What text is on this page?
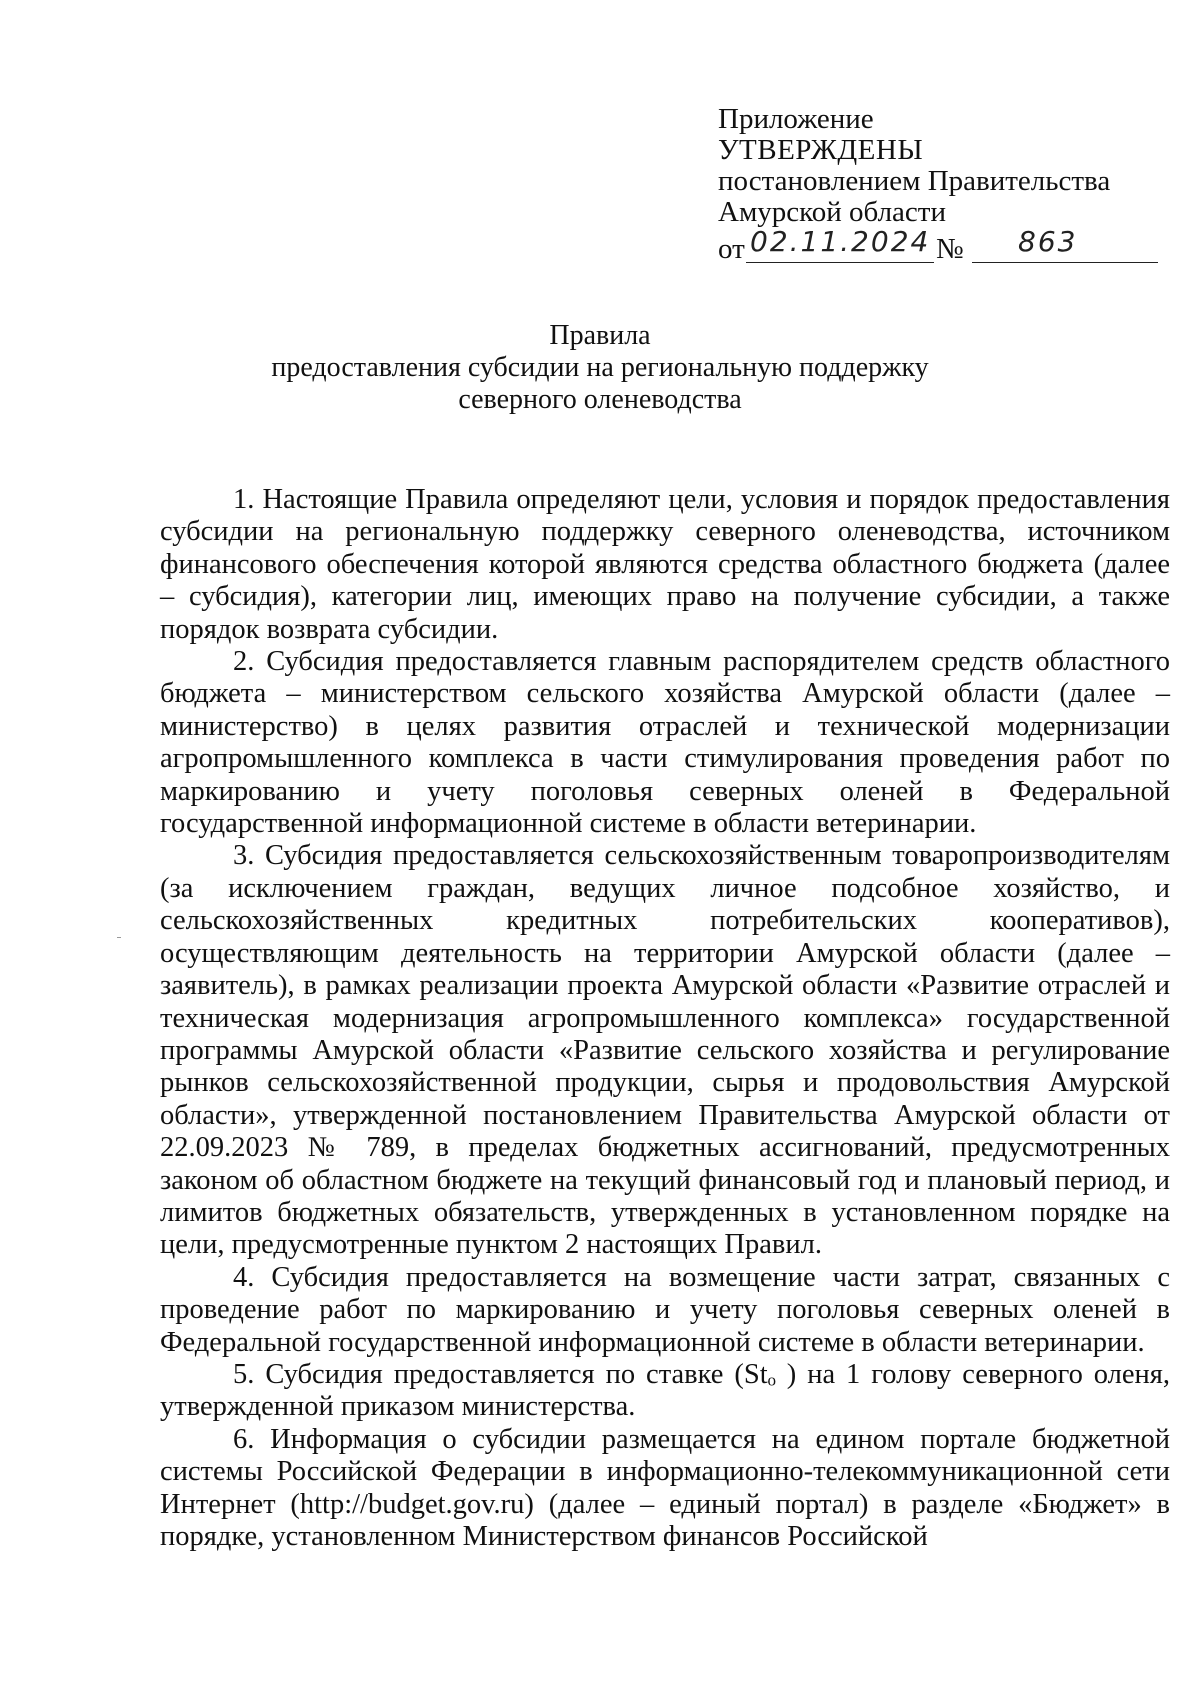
Приложение
УТВЕРЖДЕНЫ
постановлением Правительства
Амурской области
от 02.11.2024 № 863
Правила
предоставления субсидии на региональную поддержку
северного оленеводства

1. Настоящие Правила определяют цели, условия и порядок предоставления субсидии на региональную поддержку северного оленеводства, источником финансового обеспечения которой являются средства областного бюджета (далее – субсидия), категории лиц, имеющих право на получение субсидии, а также порядок возврата субсидии.

2. Субсидия предоставляется главным распорядителем средств областного бюджета – министерством сельского хозяйства Амурской области (далее – министерство) в целях развития отраслей и технической модернизации агропромышленного комплекса в части стимулирования проведения работ по маркированию и учету поголовья северных оленей в Федеральной государственной информационной системе в области ветеринарии.

3. Субсидия предоставляется сельскохозяйственным товаропроизводителям (за исключением граждан, ведущих личное подсобное хозяйство, и сельскохозяйственных кредитных потребительских кооперативов), осуществляющим деятельность на территории Амурской области (далее – заявитель), в рамках реализации проекта Амурской области «Развитие отраслей и техническая модернизация агропромышленного комплекса» государственной программы Амурской области «Развитие сельского хозяйства и регулирование рынков сельскохозяйственной продукции, сырья и продовольствия Амурской области», утвержденной постановлением Правительства Амурской области от 22.09.2023 № 789, в пределах бюджетных ассигнований, предусмотренных законом об областном бюджете на текущий финансовый год и плановый период, и лимитов бюджетных обязательств, утвержденных в установленном порядке на цели, предусмотренные пунктом 2 настоящих Правил.

4. Субсидия предоставляется на возмещение части затрат, связанных с проведение работ по маркированию и учету поголовья северных оленей в Федеральной государственной информационной системе в области ветеринарии.

5. Субсидия предоставляется по ставке (Stₒ ) на 1 голову северного оленя, утвержденной приказом министерства.

6. Информация о субсидии размещается на едином портале бюджетной системы Российской Федерации в информационно-телекоммуникационной сети Интернет (http://budget.gov.ru) (далее – единый портал) в разделе «Бюджет» в порядке, установленном Министерством финансов Российской
